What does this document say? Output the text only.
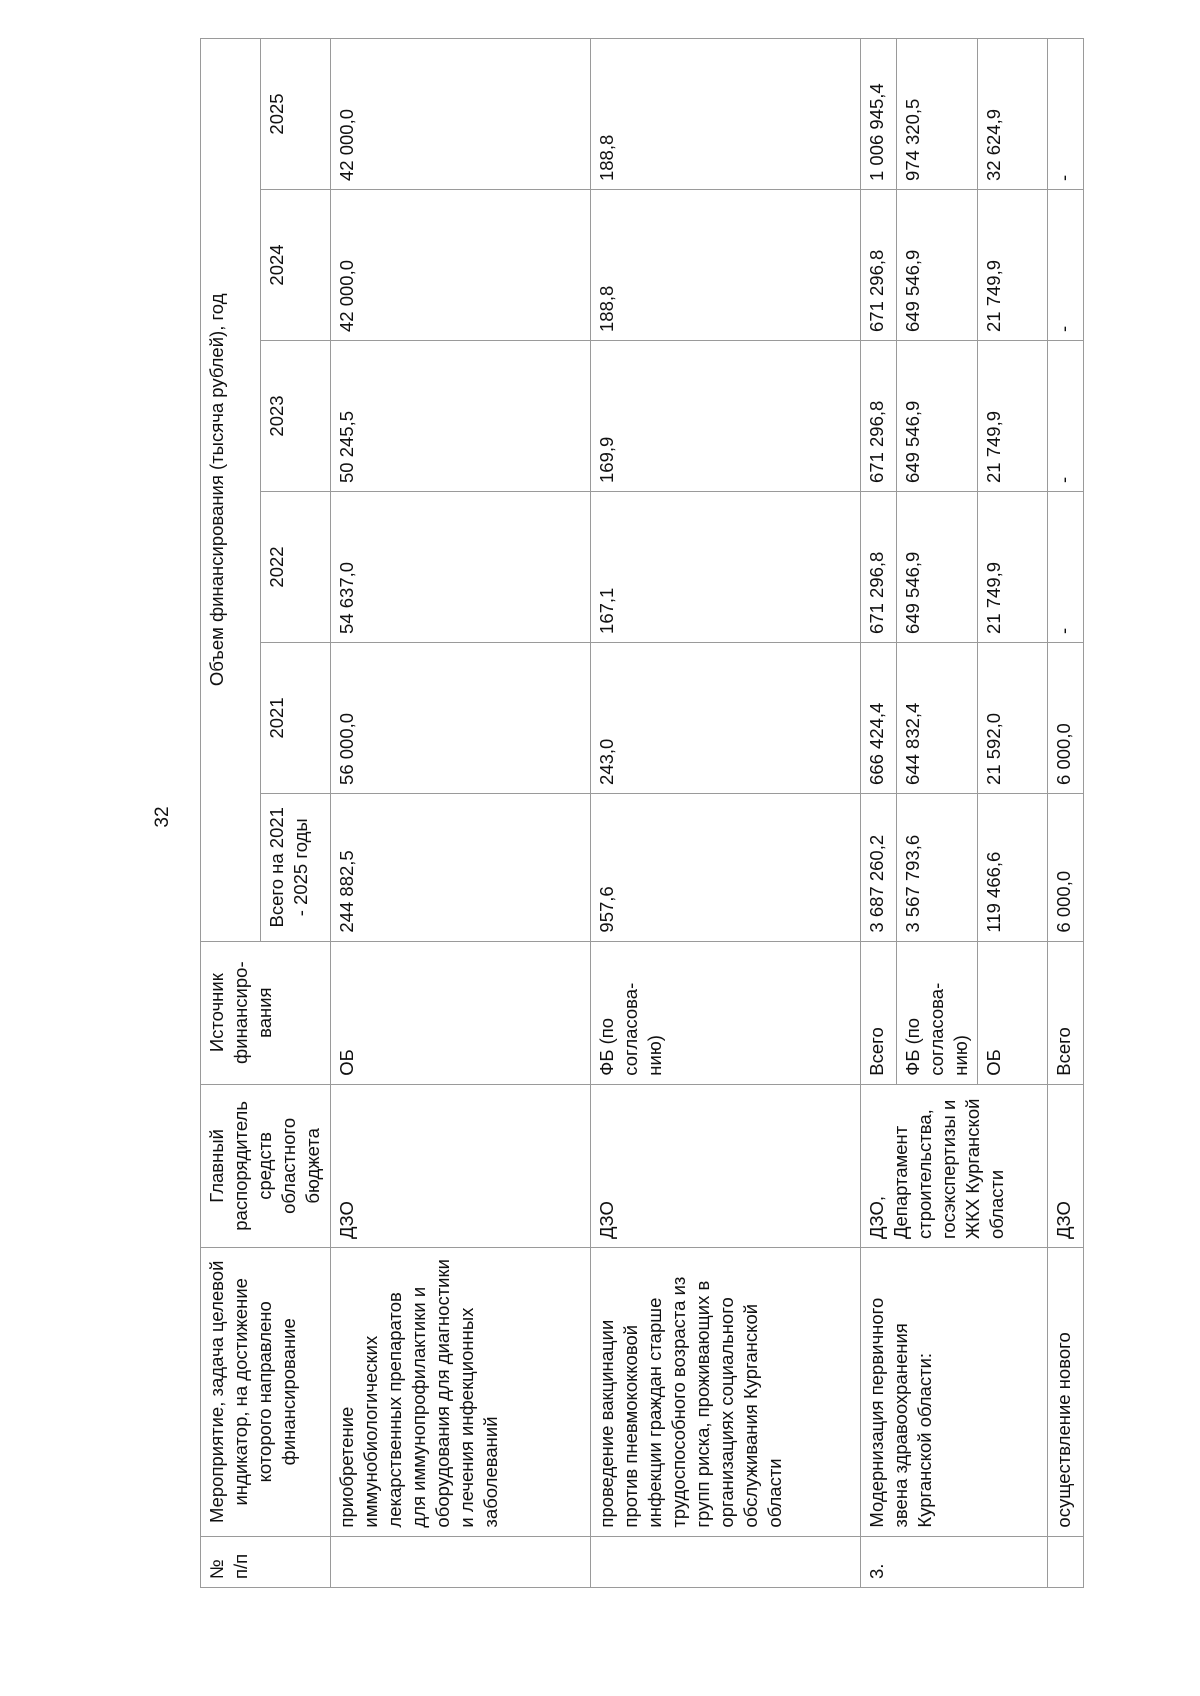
32
№ п/п	Мероприятие, задача целевой индикатор, на достижение которого направлено финансирование	Главный распорядитель средств областного бюджета	Источник финансиро-вания	Объем финансирования (тысяча рублей), год					
				Всего на 2021 - 2025 годы	2021	2022	2023	2024	2025
	приобретение иммунобиологических лекарственных препаратов для иммунопрофилактики и оборудования для диагностики и лечения инфекционных заболеваний	ДЗО	ОБ	244 882,5	56 000,0	54 637,0	50 245,5	42 000,0	42 000,0
	проведение вакцинации против пневмококковой инфекции граждан старше трудоспособного возраста из групп риска, проживающих в организациях социального обслуживания Курганской области	ДЗО	ФБ (по согласова-нию)	957,6	243,0	167,1	169,9	188,8	188,8
3.	Модернизация первичного звена здравоохранения Курганской области:	ДЗО, Департамент строительства, госэкспертизы и ЖКХ Курганской области	Всего	3 687 260,2	666 424,4	671 296,8	671 296,8	671 296,8	1 006 945,4
			ФБ (по согласова-нию)	3 567 793,6	644 832,4	649 546,9	649 546,9	649 546,9	974 320,5
			ОБ	119 466,6	21 592,0	21 749,9	21 749,9	21 749,9	32 624,9
	осуществление нового	ДЗО	Всего	6 000,0	6 000,0	-	-	-	-
